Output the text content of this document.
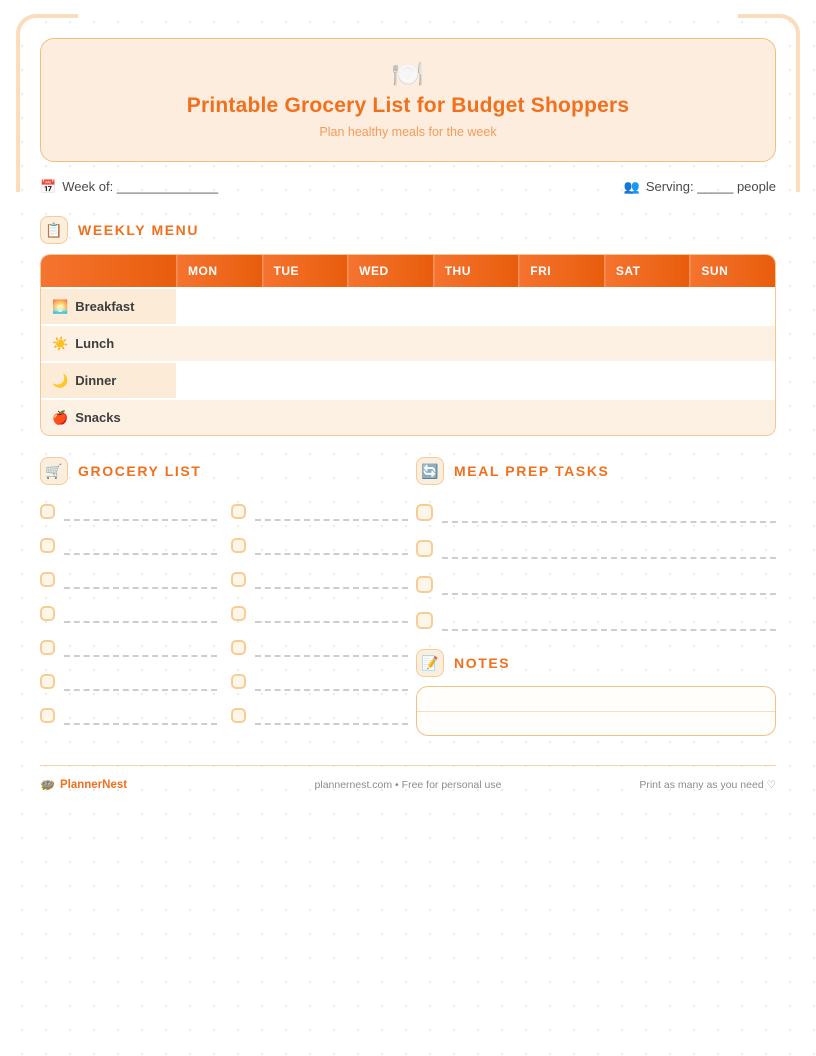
🍽️
Printable Grocery List for Budget Shoppers
Plan healthy meals for the week
📅 Week of: ______________	👥 Serving: _____ people
📋	WEEKLY MENU
MON	TUE	WED	THU	FRI	SAT	SUN
🌅 Breakfast
☀️ Lunch
🌙 Dinner
🍎 Snacks
🛒	GROCERY LIST	🔄	MEAL PREP TASKS
📝	NOTES
🪺 PlannerNest	plannernest.com • Free for personal use	Print as many as you need ♡
